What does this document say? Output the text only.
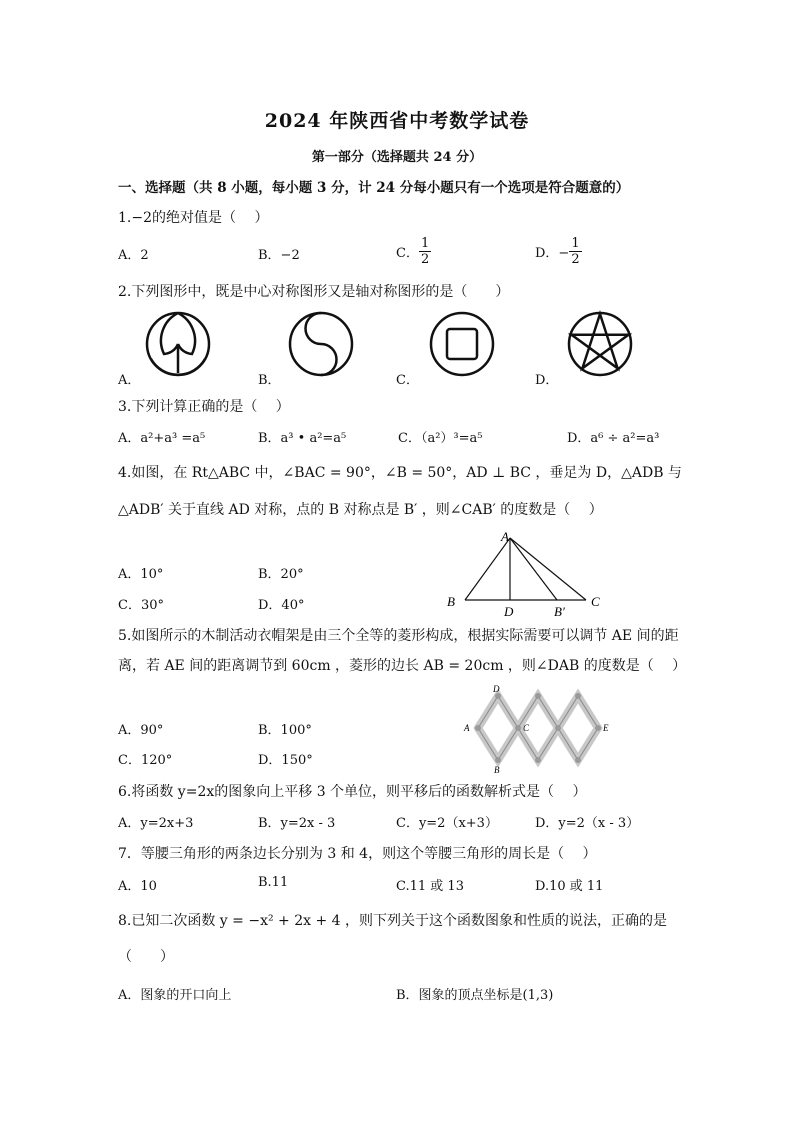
2024 年陕西省中考数学试卷
第一部分（选择题共 24 分）
一、选择题（共 8 小题，每小题 3 分，计 24 分每小题只有一个选项是符合题意的）
1.−2的绝对值是（　 ）
A．2	B．−2	C． $\frac{1}{2}$	D．− $\frac{1}{2}$
2.下列图形中，既是中心对称图形又是轴对称图形的是（　　）
A．	B．	C．	D．
3.下列计算正确的是（　 ）
A．a²+a³ =a⁵	B．a³ • a²=a⁵	C．（a²）³=a⁵	D．a⁶ ÷ a²=a³
4.如图，在 Rt△ABC 中，∠BAC = 90°，∠B = 50°，AD ⊥ BC ，垂足为 D，△ADB 与
△ADB′ 关于直线 AD 对称，点的 B 对称点是 B′ ，则∠CAB′ 的度数是（　 ）
A．10°	B．20°
C．30°	D．40°
A
B
D	B′
C
5.如图所示的木制活动衣帽架是由三个全等的菱形构成，根据实际需要可以调节 AE 间的距
离，若 AE 间的距离调节到 60cm ，菱形的边长 AB = 20cm ，则∠DAB 的度数是（　 ）
A．90°	B．100°
C．120°	D．150°
D
A	C	E
B
6.将函数 y=2x的图象向上平移 3 个单位，则平移后的函数解析式是（　 ）
A．y=2x+3	B．y=2x - 3	C．y=2（x+3）	D．y=2（x - 3）
7．等腰三角形的两条边长分别为 3 和 4，则这个等腰三角形的周长是（　 ）
A．10	B.11	C.11 或 13	D.10 或 11
8.已知二次函数 y = −x² + 2x + 4 ，则下列关于这个函数图象和性质的说法，正确的是
（　　）
A．图象的开口向上	B．图象的顶点坐标是(1,3)
